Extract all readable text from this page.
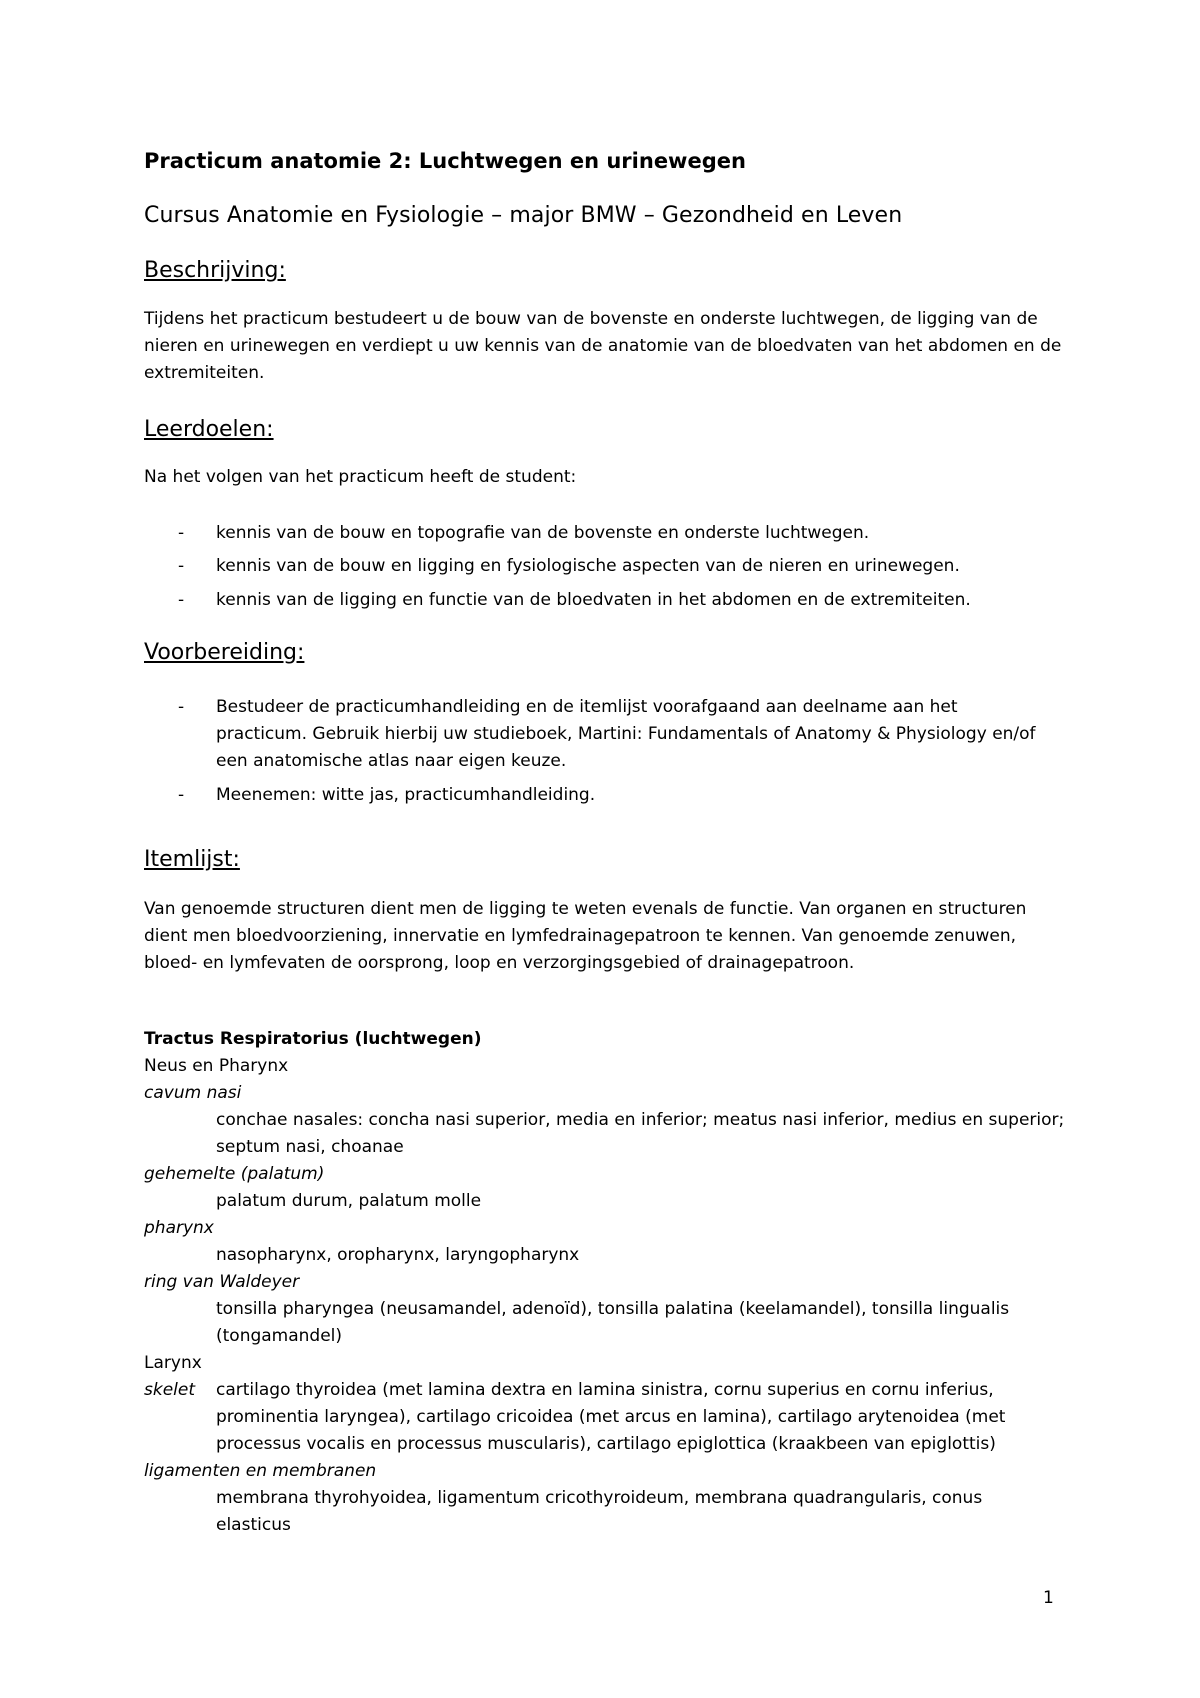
Practicum anatomie 2: Luchtwegen en urinewegen
Cursus Anatomie en Fysiologie – major BMW – Gezondheid en Leven
Beschrijving:
Tijdens het practicum bestudeert u de bouw van de bovenste en onderste luchtwegen, de ligging van de nieren en urinewegen en verdiept u uw kennis van de anatomie van de bloedvaten van het abdomen en de extremiteiten.
Leerdoelen:
Na het volgen van het practicum heeft de student:
- kennis van de bouw en topografie van de bovenste en onderste luchtwegen.
- kennis van de bouw en ligging en fysiologische aspecten van de nieren en urinewegen.
- kennis van de ligging en functie van de bloedvaten in het abdomen en de extremiteiten.
Voorbereiding:
- Bestudeer de practicumhandleiding en de itemlijst voorafgaand aan deelname aan het practicum. Gebruik hierbij uw studieboek, Martini: Fundamentals of Anatomy & Physiology en/of een anatomische atlas naar eigen keuze.
- Meenemen: witte jas, practicumhandleiding.
Itemlijst:
Van genoemde structuren dient men de ligging te weten evenals de functie. Van organen en structuren dient men bloedvoorziening, innervatie en lymfedrainagepatroon te kennen. Van genoemde zenuwen, bloed- en lymfevaten de oorsprong, loop en verzorgingsgebied of drainagepatroon.
Tractus Respiratorius (luchtwegen)
Neus en Pharynx
cavum nasi
conchae nasales: concha nasi superior, media en inferior; meatus nasi inferior, medius en superior;
septum nasi, choanae
gehemelte (palatum)
palatum durum, palatum molle
pharynx
nasopharynx, oropharynx, laryngopharynx
ring van Waldeyer
tonsilla pharyngea (neusamandel, adenoïd), tonsilla palatina (keelamandel), tonsilla lingualis
(tongamandel)
Larynx
skelet cartilago thyroidea (met lamina dextra en lamina sinistra, cornu superius en cornu inferius,
prominentia laryngea), cartilago cricoidea (met arcus en lamina), cartilago arytenoidea (met
processus vocalis en processus muscularis), cartilago epiglottica (kraakbeen van epiglottis)
ligamenten en membranen
membrana thyrohyoidea, ligamentum cricothyroideum, membrana quadrangularis, conus
elasticus
1
